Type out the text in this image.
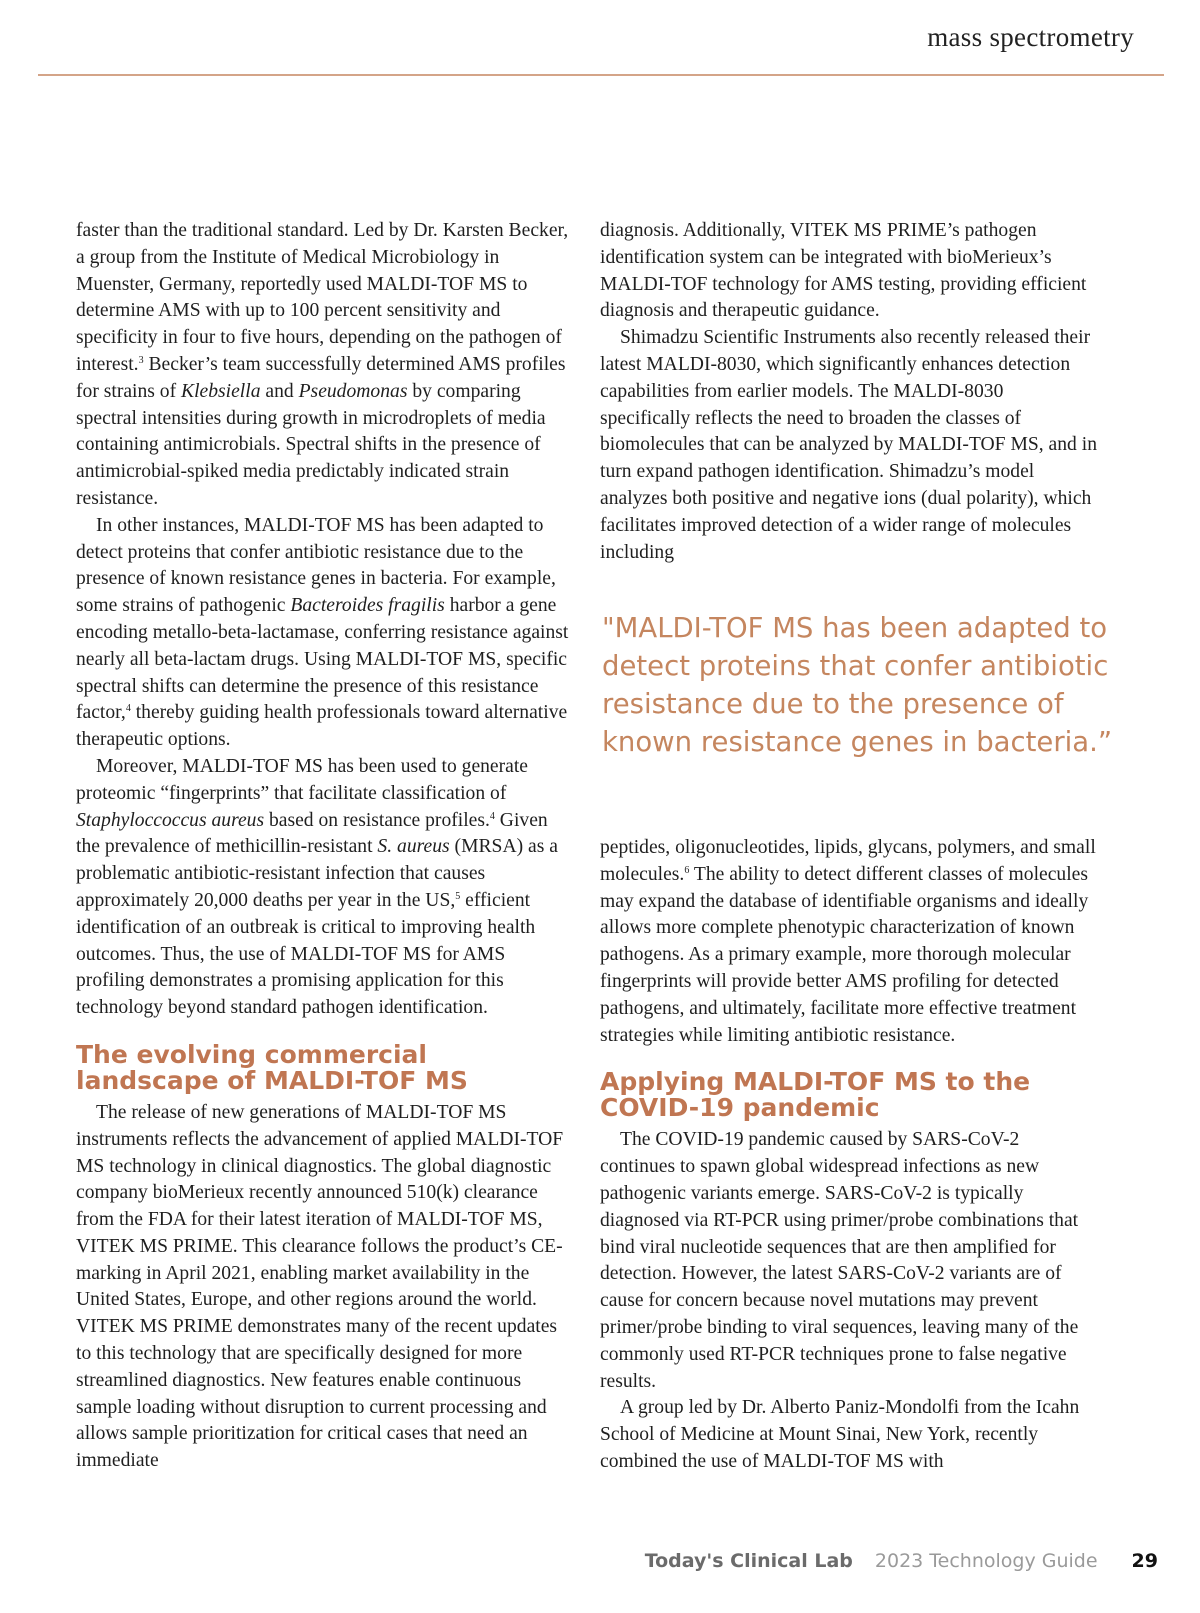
mass spectrometry

faster than the traditional standard. Led by Dr. Karsten Becker, a group from the Institute of Medical Microbiology in Muenster, Germany, reportedly used MALDI-TOF MS to determine AMS with up to 100 percent sensitivity and specificity in four to five hours, depending on the pathogen of interest.$^3$ Becker’s team successfully determined AMS profiles for strains of Klebsiella and Pseudomonas by comparing spectral intensities during growth in microdroplets of media containing antimicrobials. Spectral shifts in the presence of antimicrobial-spiked media predictably indicated strain resistance.

In other instances, MALDI-TOF MS has been adapted to detect proteins that confer antibiotic resistance due to the presence of known resistance genes in bacteria. For example, some strains of pathogenic Bacteroides fragilis harbor a gene encoding metallo-beta-lactamase, conferring resistance against nearly all beta-lactam drugs. Using MALDI-TOF MS, specific spectral shifts can determine the presence of this resistance factor,$^4$ thereby guiding health professionals toward alternative therapeutic options.

Moreover, MALDI-TOF MS has been used to generate proteomic “fingerprints” that facilitate classification of Staphyloccoccus aureus based on resistance profiles.$^4$ Given the prevalence of methicillin-resistant S. aureus (MRSA) as a problematic antibiotic-resistant infection that causes approximately 20,000 deaths per year in the US,$^5$ efficient identification of an outbreak is critical to improving health outcomes. Thus, the use of MALDI-TOF MS for AMS profiling demonstrates a promising application for this technology beyond standard pathogen identification.

The evolving commercial landscape of MALDI-TOF MS

The release of new generations of MALDI-TOF MS instruments reflects the advancement of applied MALDI-TOF MS technology in clinical diagnostics. The global diagnostic company bioMerieux recently announced 510(k) clearance from the FDA for their latest iteration of MALDI-TOF MS, VITEK MS PRIME. This clearance follows the product’s CE-marking in April 2021, enabling market availability in the United States, Europe, and other regions around the world. VITEK MS PRIME demonstrates many of the recent updates to this technology that are specifically designed for more streamlined diagnostics. New features enable continuous sample loading without disruption to current processing and allows sample prioritization for critical cases that need an immediate

diagnosis. Additionally, VITEK MS PRIME’s pathogen identification system can be integrated with bioMerieux’s MALDI-TOF technology for AMS testing, providing efficient diagnosis and therapeutic guidance.

Shimadzu Scientific Instruments also recently released their latest MALDI-8030, which significantly enhances detection capabilities from earlier models. The MALDI-8030 specifically reflects the need to broaden the classes of biomolecules that can be analyzed by MALDI-TOF MS, and in turn expand pathogen identification. Shimadzu’s model analyzes both positive and negative ions (dual polarity), which facilitates improved detection of a wider range of molecules including

"MALDI-TOF MS has been adapted to detect proteins that confer antibiotic resistance due to the presence of known resistance genes in bacteria.”

peptides, oligonucleotides, lipids, glycans, polymers, and small molecules.$^6$ The ability to detect different classes of molecules may expand the database of identifiable organisms and ideally allows more complete phenotypic characterization of known pathogens. As a primary example, more thorough molecular fingerprints will provide better AMS profiling for detected pathogens, and ultimately, facilitate more effective treatment strategies while limiting antibiotic resistance.

Applying MALDI-TOF MS to the COVID-19 pandemic

The COVID-19 pandemic caused by SARS-CoV-2 continues to spawn global widespread infections as new pathogenic variants emerge. SARS-CoV-2 is typically diagnosed via RT-PCR using primer/probe combinations that bind viral nucleotide sequences that are then amplified for detection. However, the latest SARS-CoV-2 variants are of cause for concern because novel mutations may prevent primer/probe binding to viral sequences, leaving many of the commonly used RT-PCR techniques prone to false negative results.

A group led by Dr. Alberto Paniz-Mondolfi from the Icahn School of Medicine at Mount Sinai, New York, recently combined the use of MALDI-TOF MS with

Today's Clinical Lab 2023 Technology Guide 29
